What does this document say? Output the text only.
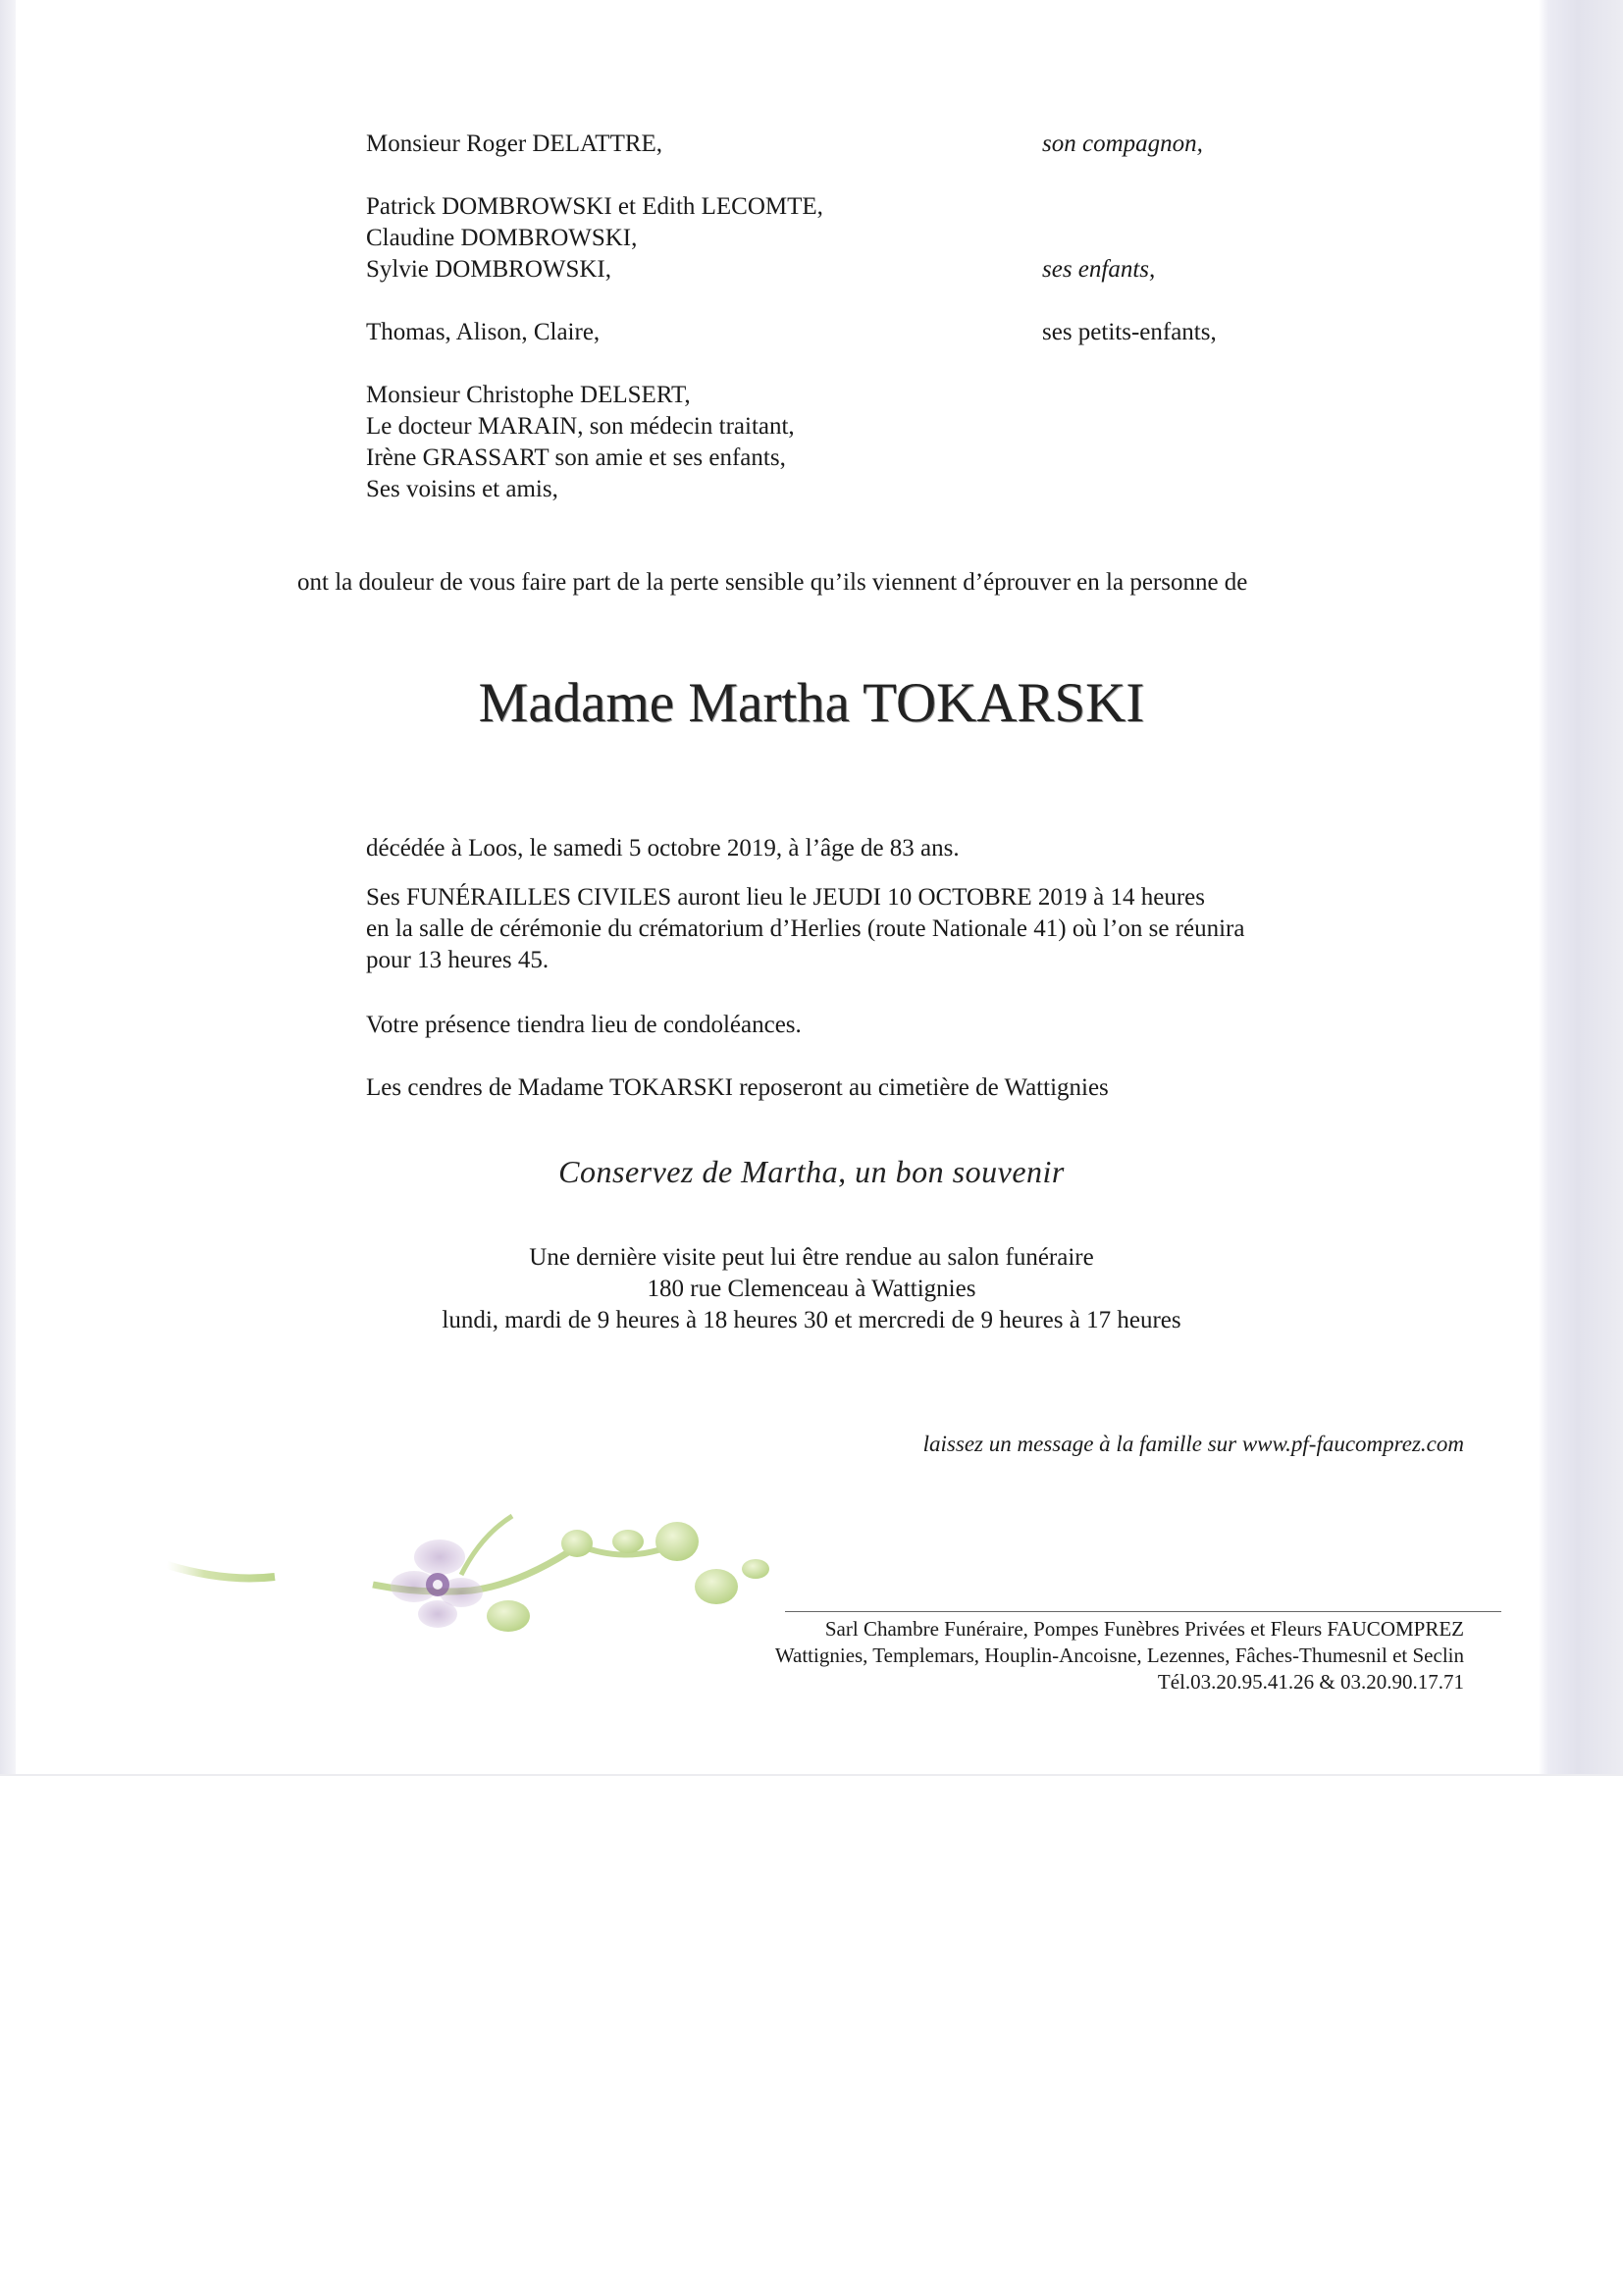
Monsieur Roger DELATTRE,	son compagnon,
Patrick DOMBROWSKI et Edith LECOMTE,
Claudine DOMBROWSKI,
Sylvie DOMBROWSKI,	ses enfants,
Thomas, Alison, Claire,	ses petits-enfants,
Monsieur Christophe DELSERT,
Le docteur MARAIN, son médecin traitant,
Irène GRASSART son amie et ses enfants,
Ses voisins et amis,
ont la douleur de vous faire part de la perte sensible qu’ils viennent d’éprouver en la personne de
Madame Martha TOKARSKI
décédée à Loos, le samedi 5 octobre 2019, à l’âge de 83 ans.
Ses FUNÉRAILLES CIVILES auront lieu le JEUDI 10 OCTOBRE 2019 à 14 heures
en la salle de cérémonie du crématorium d’Herlies (route Nationale 41) où l’on se réunira
pour 13 heures 45.
Votre présence tiendra lieu de condoléances.
Les cendres de Madame TOKARSKI reposeront au cimetière de Wattignies
Conservez de Martha, un bon souvenir
Une dernière visite peut lui être rendue au salon funéraire
180 rue Clemenceau à Wattignies
lundi, mardi de 9 heures à 18 heures 30 et mercredi de 9 heures à 17 heures
laissez un message à la famille sur www.pf-faucomprez.com
Sarl Chambre Funéraire, Pompes Funèbres Privées et Fleurs FAUCOMPREZ
Wattignies, Templemars, Houplin-Ancoisne, Lezennes, Fâches-Thumesnil et Seclin
Tél.03.20.95.41.26 & 03.20.90.17.71
